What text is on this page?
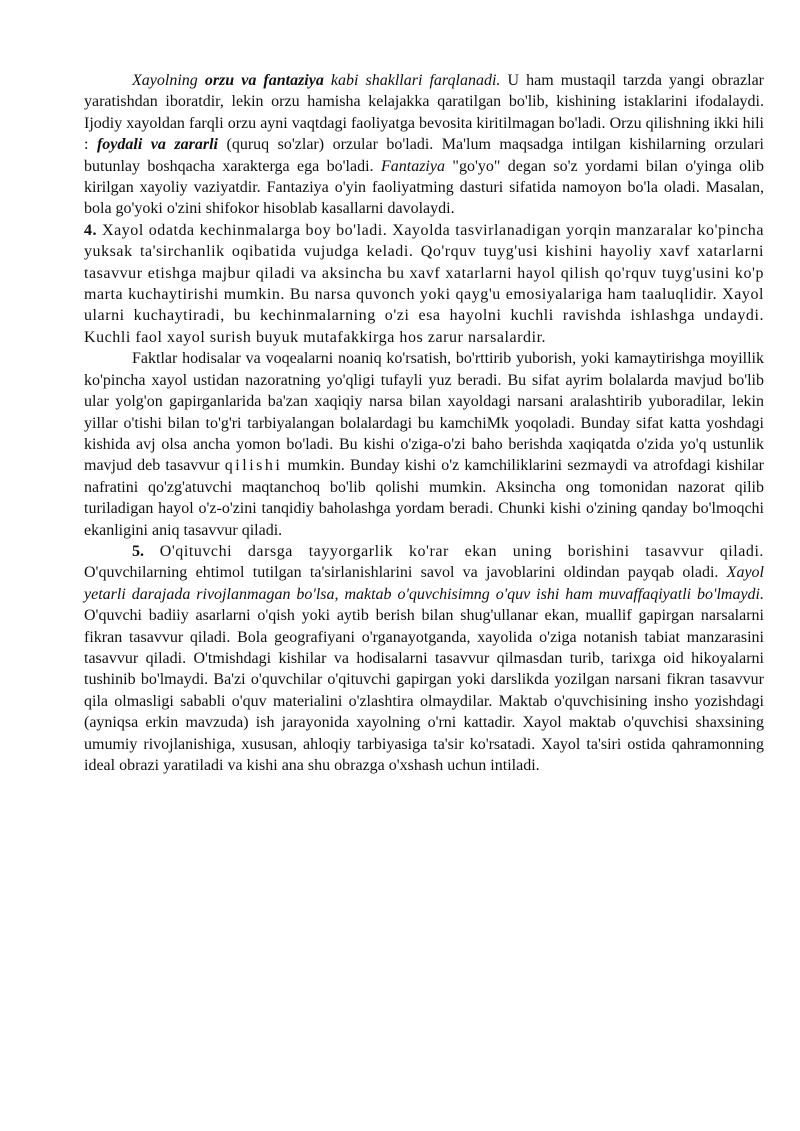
Xayolning orzu va fantaziya kabi shakllari farqlanadi. U ham mustaqil tarzda yangi obrazlar yaratishdan iboratdir, lekin orzu hamisha kelajakka qaratilgan bo'lib, kishining istaklarini ifodalaydi. Ijodiy xayoldan farqli orzu ayni vaqtdagi faoliyatga bevosita kiritilmagan bo'ladi. Orzu qilishning ikki hili : foydali va zararli (quruq so'zlar) orzular bo'ladi. Ma'lum maqsadga intilgan kishilarning orzulari butunlay boshqacha xarakterga ega bo'ladi. Fantaziya "go'yo" degan so'z yordami bilan o'yinga olib kirilgan xayoliy vaziyatdir. Fantaziya o'yin faoliyatming dasturi sifatida namoyon bo'la oladi. Masalan, bola go'yoki o'zini shifokor hisoblab kasallarni davolaydi.

4. Xayol odatda kechinmalarga boy bo'ladi. Xayolda tasvirlanadigan yorqin manzaralar ko'pincha yuksak ta'sirchanlik oqibatida vujudga keladi. Qo'rquv tuyg'usi kishini hayoliy xavf xatarlarni tasavvur etishga majbur qiladi va aksincha bu xavf xatarlarni hayol qilish qo'rquv tuyg'usini ko'p marta kuchaytirishi mumkin. Bu narsa quvonch yoki qayg'u emosiyalariga ham taaluqlidir. Xayol ularni kuchaytiradi, bu kechinmalarning o'zi esa hayolni kuchli ravishda ishlashga undaydi. Kuchli faol xayol surish buyuk mutafakkirga hos zarur narsalardir.

Faktlar hodisalar va voqealarni noaniq ko'rsatish, bo'rttirib yuborish, yoki kamaytirishga moyillik ko'pincha xayol ustidan nazoratning yo'qligi tufayli yuz beradi. Bu sifat ayrim bolalarda mavjud bo'lib ular yolg'on gapirganlarida ba'zan xaqiqiy narsa bilan xayoldagi narsani aralashtirib yuboradilar, lekin yillar o'tishi bilan to'g'ri tarbiyalangan bolalardagi bu kamchiMk yoqoladi. Bunday sifat katta yoshdagi kishida avj olsa ancha yomon bo'ladi. Bu kishi o'ziga-o'zi baho berishda xaqiqatda o'zida yo'q ustunlik mavjud deb tasavvur qilishi mumkin. Bunday kishi o'z kamchiliklarini sezmaydi va atrofdagi kishilar nafratini qo'zg'atuvchi maqtanchoq bo'lib qolishi mumkin. Aksincha ong tomonidan nazorat qilib turiladigan hayol o'z-o'zini tanqidiy baholashga yordam beradi. Chunki kishi o'zining qanday bo'lmoqchi ekanligini aniq tasavvur qiladi.

5. O'qituvchi darsga tayyorgarlik ko'rar ekan uning borishini tasavvur qiladi. O'quvchilarning ehtimol tutilgan ta'sirlanishlarini savol va javoblarini oldindan payqab oladi. Xayol yetarli darajada rivojlanmagan bo'lsa, maktab o'quvchisimng o'quv ishi ham muvaffaqiyatli bo'lmaydi. O'quvchi badiiy asarlarni o'qish yoki aytib berish bilan shug'ullanar ekan, muallif gapirgan narsalarni fikran tasavvur qiladi. Bola geografiyani o'rganayotganda, xayolida o'ziga notanish tabiat manzarasini tasavvur qiladi. O'tmishdagi kishilar va hodisalarni tasavvur qilmasdan turib, tarixga oid hikoyalarni tushinib bo'lmaydi. Ba'zi o'quvchilar o'qituvchi gapirgan yoki darslikda yozilgan narsani fikran tasavvur qila olmasligi sababli o'quv materialini o'zlashtira olmaydilar. Maktab o'quvchisining insho yozishdagi (ayniqsa erkin mavzuda) ish jarayonida xayolning o'rni kattadir. Xayol maktab o'quvchisi shaxsining umumiy rivojlanishiga, xususan, ahloqiy tarbiyasiga ta'sir ko'rsatadi. Xayol ta'siri ostida qahramonning ideal obrazi yaratiladi va kishi ana shu obrazga o'xshash uchun intiladi.
